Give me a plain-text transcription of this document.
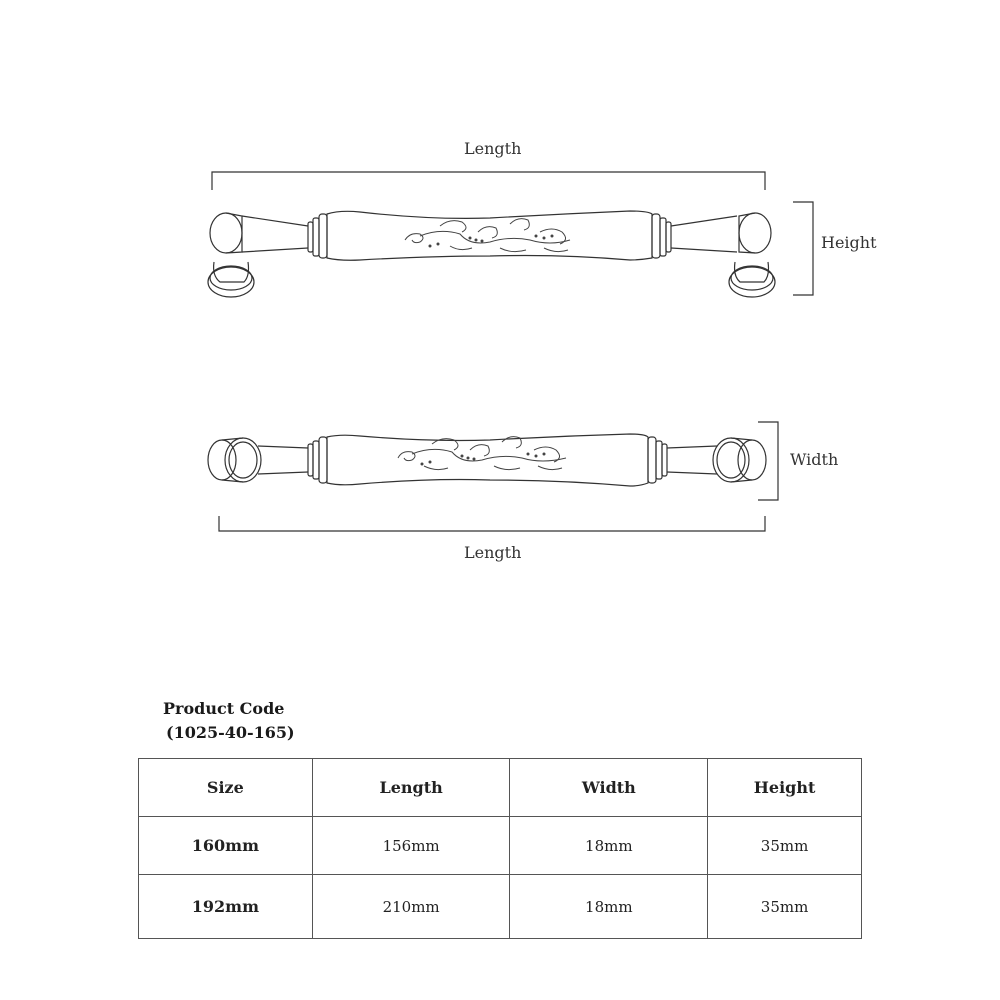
Length
Height
Width
Length
Product Code
(1025-40-165)
Size	Length	Width	Height
160mm	156mm	18mm	35mm
192mm	210mm	18mm	35mm
